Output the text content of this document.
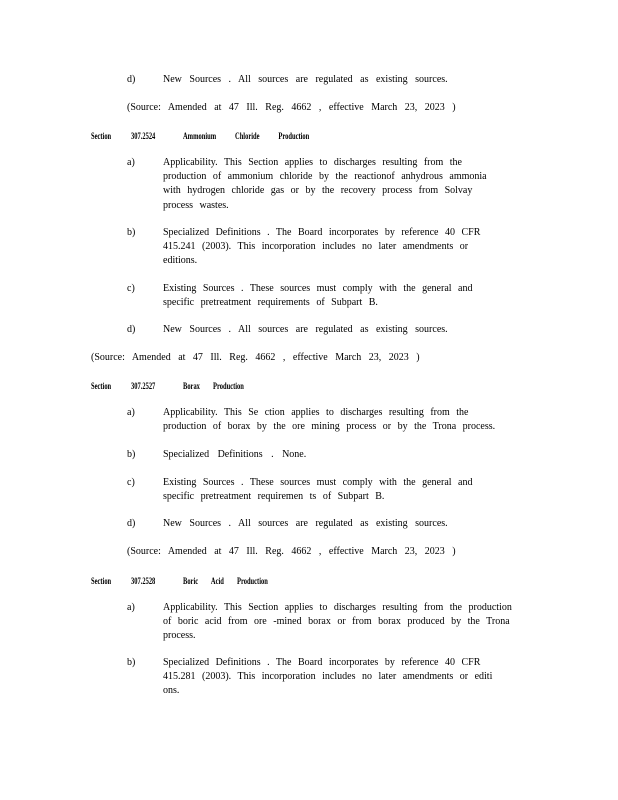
d)	New Sources . All sources are regulated as existing sources.
(Source: Amended at 47 Ill. Reg. 4662 , effective March 23, 2023 )
Section 307.2524	Ammonium Chloride Production
a)	Applicability. This Section applies to discharges resulting from the production of ammonium chloride by the reactionof anhydrous ammonia with hydrogen chloride gas or by the recovery process from Solvay process wastes.
b)	Specialized Definitions . The Board incorporates by reference 40 CFR 415.241 (2003). This incorporation includes no later amendments or editions.
c)	Existing Sources . These sources must comply with the general and specific pretreatment requirements of Subpart B.
d)	New Sources . All sources are regulated as existing sources.
(Source: Amended at 47 Ill. Reg. 4662 , effective March 23, 2023 )
Section 307.2527	Borax Production
a)	Applicability. This Se ction applies to discharges resulting from the production of borax by the ore mining process or by the Trona process.
b)	Specialized Definitions . None.
c)	Existing Sources . These sources must comply with the general and specific pretreatment requiremen ts of Subpart B.
d)	New Sources . All sources are regulated as existing sources.
(Source: Amended at 47 Ill. Reg. 4662 , effective March 23, 2023 )
Section 307.2528	Boric Acid Production
a)	Applicability. This Section applies to discharges resulting from the production of boric acid from ore -mined borax or from borax produced by the Trona process.
b)	Specialized Definitions . The Board incorporates by reference 40 CFR 415.281 (2003). This incorporation includes no later amendments or editi ons.
